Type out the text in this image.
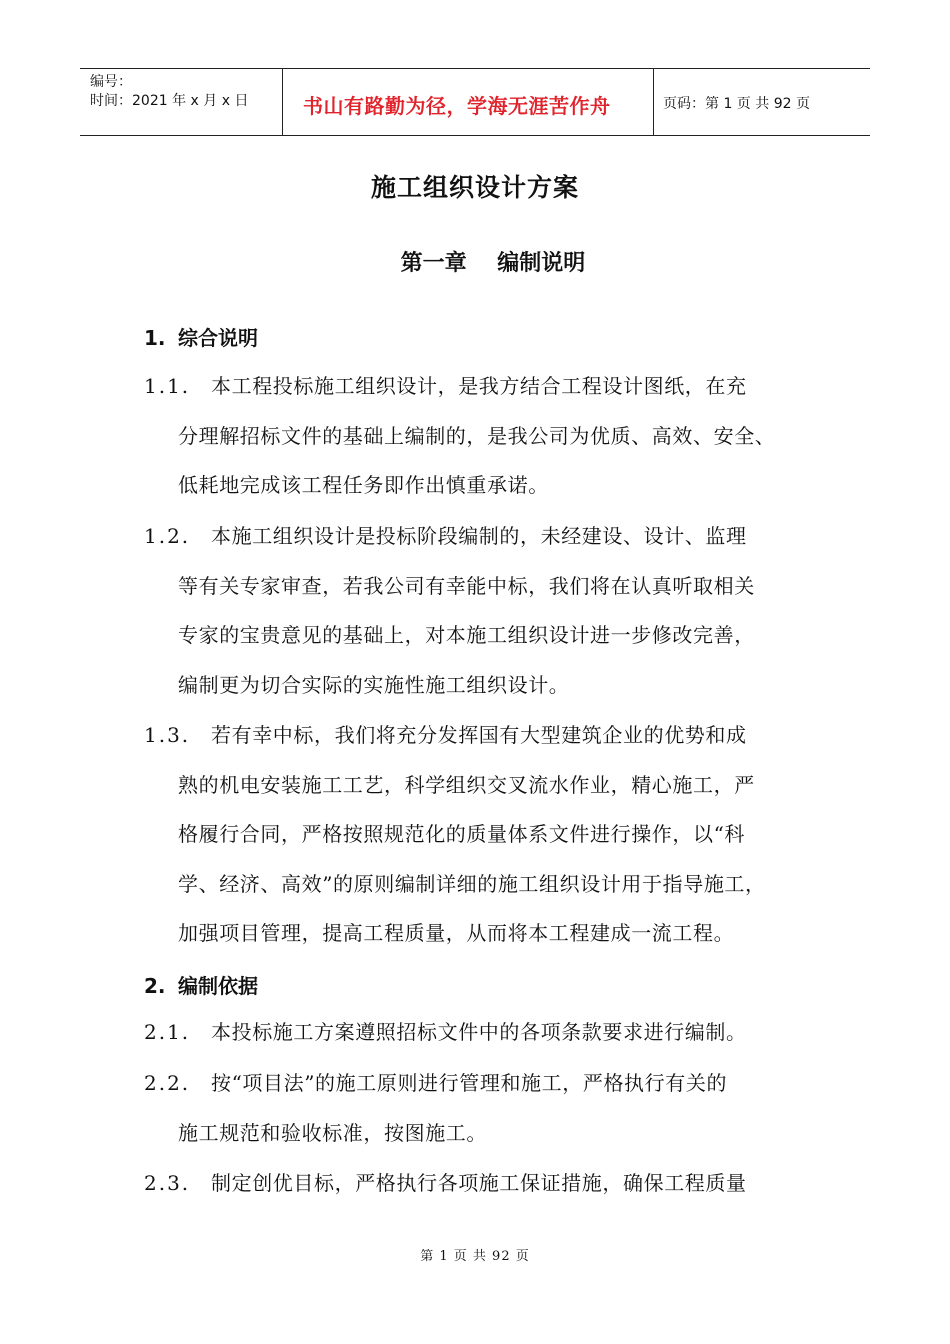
编号：
时间：2021 年 x 月 x 日	书山有路勤为径，学海无涯苦作舟	页码：第 1 页 共 92 页
施工组织设计方案
第一章    编制说明
1. 综合说明
1.1.	本工程投标施工组织设计，是我方结合工程设计图纸，在充
分理解招标文件的基础上编制的，是我公司为优质、高效、安全、
低耗地完成该工程任务即作出慎重承诺。
1.2.	本施工组织设计是投标阶段编制的，未经建设、设计、监理
等有关专家审查，若我公司有幸能中标，我们将在认真听取相关
专家的宝贵意见的基础上，对本施工组织设计进一步修改完善，
编制更为切合实际的实施性施工组织设计。
1.3.	若有幸中标，我们将充分发挥国有大型建筑企业的优势和成
熟的机电安装施工工艺，科学组织交叉流水作业，精心施工，严
格履行合同，严格按照规范化的质量体系文件进行操作，以“科
学、经济、高效”的原则编制详细的施工组织设计用于指导施工，
加强项目管理，提高工程质量，从而将本工程建成一流工程。
2. 编制依据
2.1.	本投标施工方案遵照招标文件中的各项条款要求进行编制。
2.2.	按“项目法”的施工原则进行管理和施工，严格执行有关的
施工规范和验收标准，按图施工。
2.3.	制定创优目标，严格执行各项施工保证措施，确保工程质量
第 1 页 共 92 页
